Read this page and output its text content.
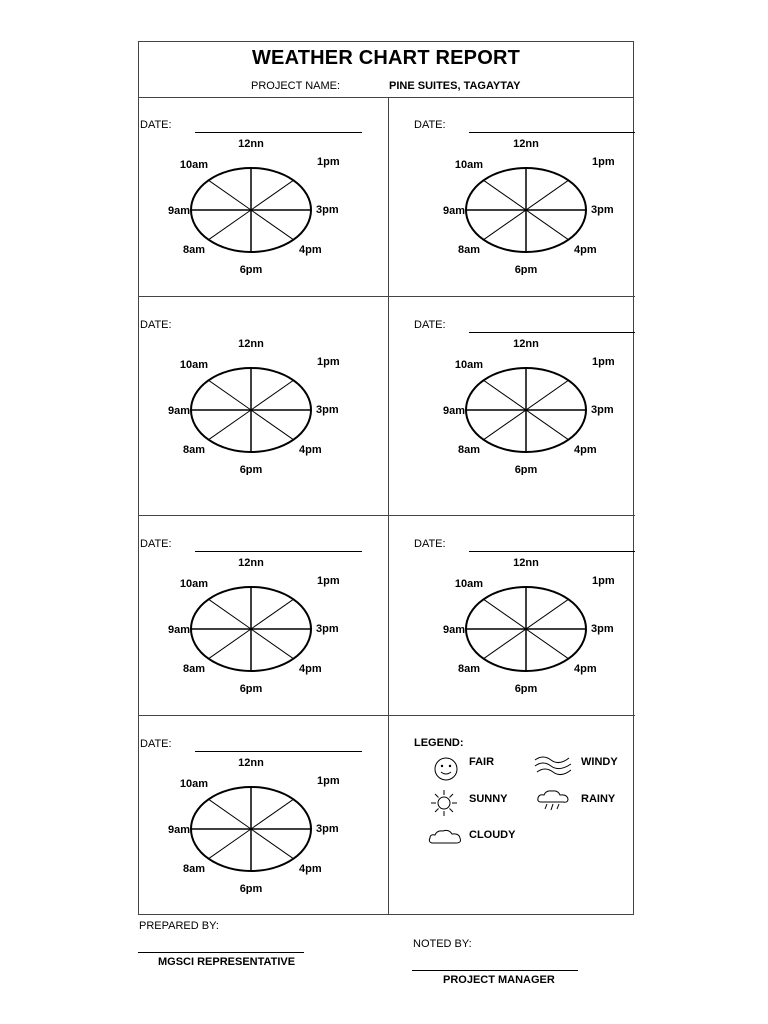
WEATHER CHART REPORT
PROJECT NAME:	PINE SUITES, TAGAYTAY
DATE:
12nn
1pm
3pm
4pm
6pm
8am
9am
10am
DATE:
12nn
1pm
3pm
4pm
6pm
8am
9am
10am
DATE:
12nn
1pm
3pm
4pm
6pm
8am
9am
10am
DATE:
12nn
1pm
3pm
4pm
6pm
8am
9am
10am
DATE:
12nn
1pm
3pm
4pm
6pm
8am
9am
10am
DATE:
12nn
1pm
3pm
4pm
6pm
8am
9am
10am
DATE:
12nn
1pm
3pm
4pm
6pm
8am
9am
10am
LEGEND:
FAIR	WINDY
SUNNY	RAINY
CLOUDY
PREPARED BY:
MGSCI REPRESENTATIVE
NOTED BY:
PROJECT MANAGER
